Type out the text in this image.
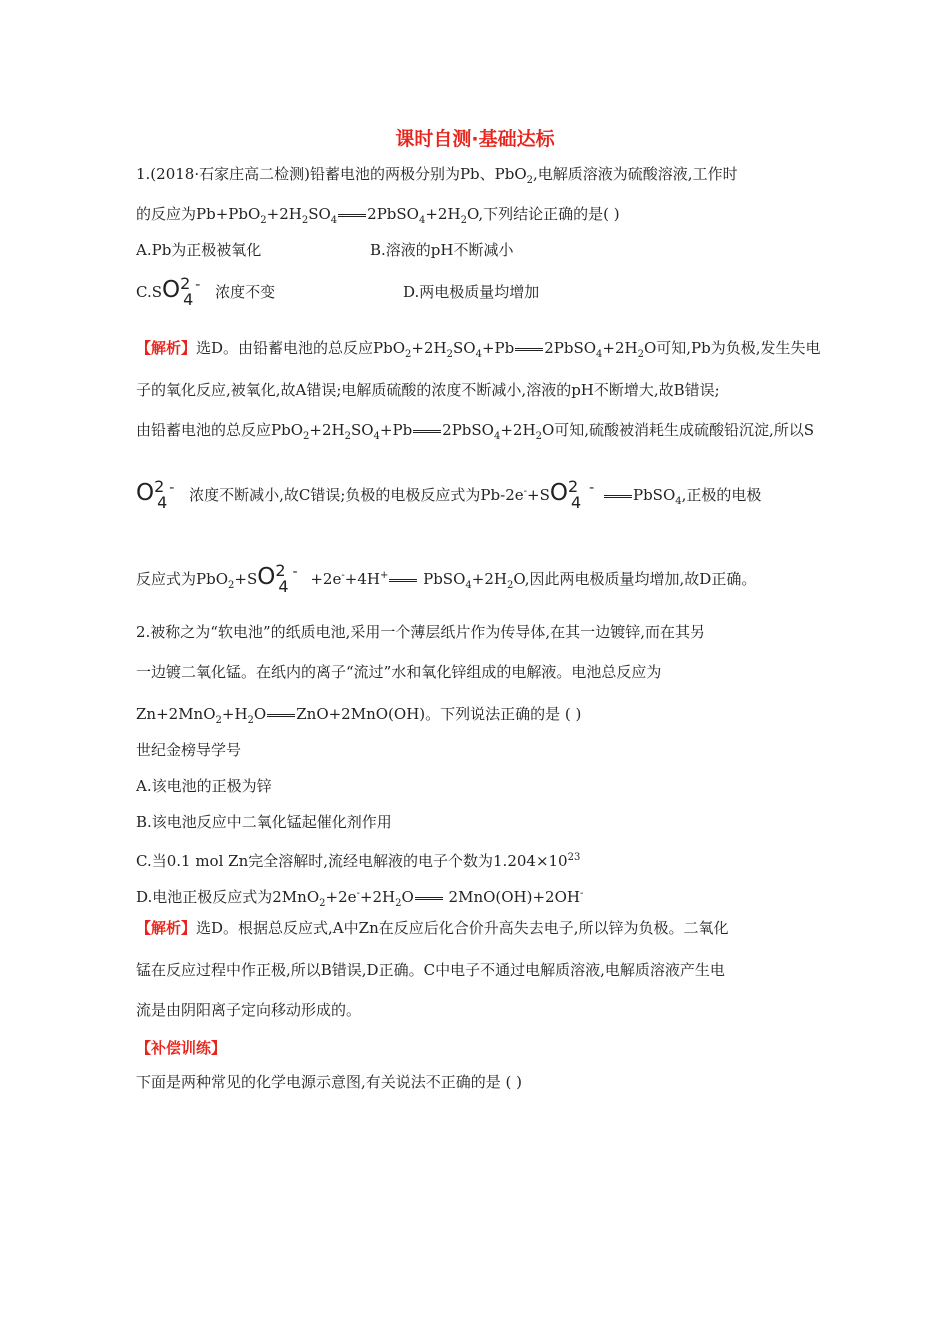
课时自测·基础达标
1.(2018·石家庄高二检测)铅蓄电池的两极分别为Pb、PbO$_2$,电解质溶液为硫酸溶液,工作时
的反应为$Pb+PbO_2+2H_2SO_4$ $2PbSO_4+2H_2O$,下列结论正确的是( )
A.Pb为正极被氧化	B.溶液的pH不断减小
C.SO2 4- 浓度不变	D.两电极质量均增加
【解析】选D。由铅蓄电池的总反应$PbO_2+2H_2SO_4+Pb$ $2PbSO_4+2H_2O$可知,Pb为负极,发生失电
子的氧化反应,被氧化,故A错误;电解质硫酸的浓度不断减小,溶液的pH不断增大,故B错误;
由铅蓄电池的总反应$PbO_2+2H_2SO_4+Pb$ $2PbSO_4+2H_2O$可知,硫酸被消耗生成硫酸铅沉淀,所以S
O2 4- 浓度不断减小,故C错误;负极的电极反应式为Pb-2e-+SO2 4-	PbSO$_4$,正极的电极
反应式为PbO$_2$+SO2 4- +2e-+4H+ $PbSO_4+2H_2O$,因此两电极质量均增加,故D正确。
2.被称之为“软电池”的纸质电池,采用一个薄层纸片作为传导体,在其一边镀锌,而在其另
一边镀二氧化锰。在纸内的离子“流过”水和氧化锌组成的电解液。电池总反应为
$Zn+2MnO_2+H_2O$ ZnO+2MnO(OH)。下列说法正确的是 ( )
世纪金榜导学号
A.该电池的正极为锌
B.该电池反应中二氧化锰起催化剂作用
C.当0.1 mol Zn完全溶解时,流经电解液的电子个数为$1.204\times 10^{23}$
D.电池正极反应式为$2MnO_2+2e^-+2H_2O$ 2MnO(OH)+2OH-
【解析】选D。根据总反应式,A中Zn在反应后化合价升高失去电子,所以锌为负极。二氧化
锰在反应过程中作正极,所以B错误,D正确。C中电子不通过电解质溶液,电解质溶液产生电
流是由阴阳离子定向移动形成的。
【补偿训练】
下面是两种常见的化学电源示意图,有关说法不正确的是 ( )
